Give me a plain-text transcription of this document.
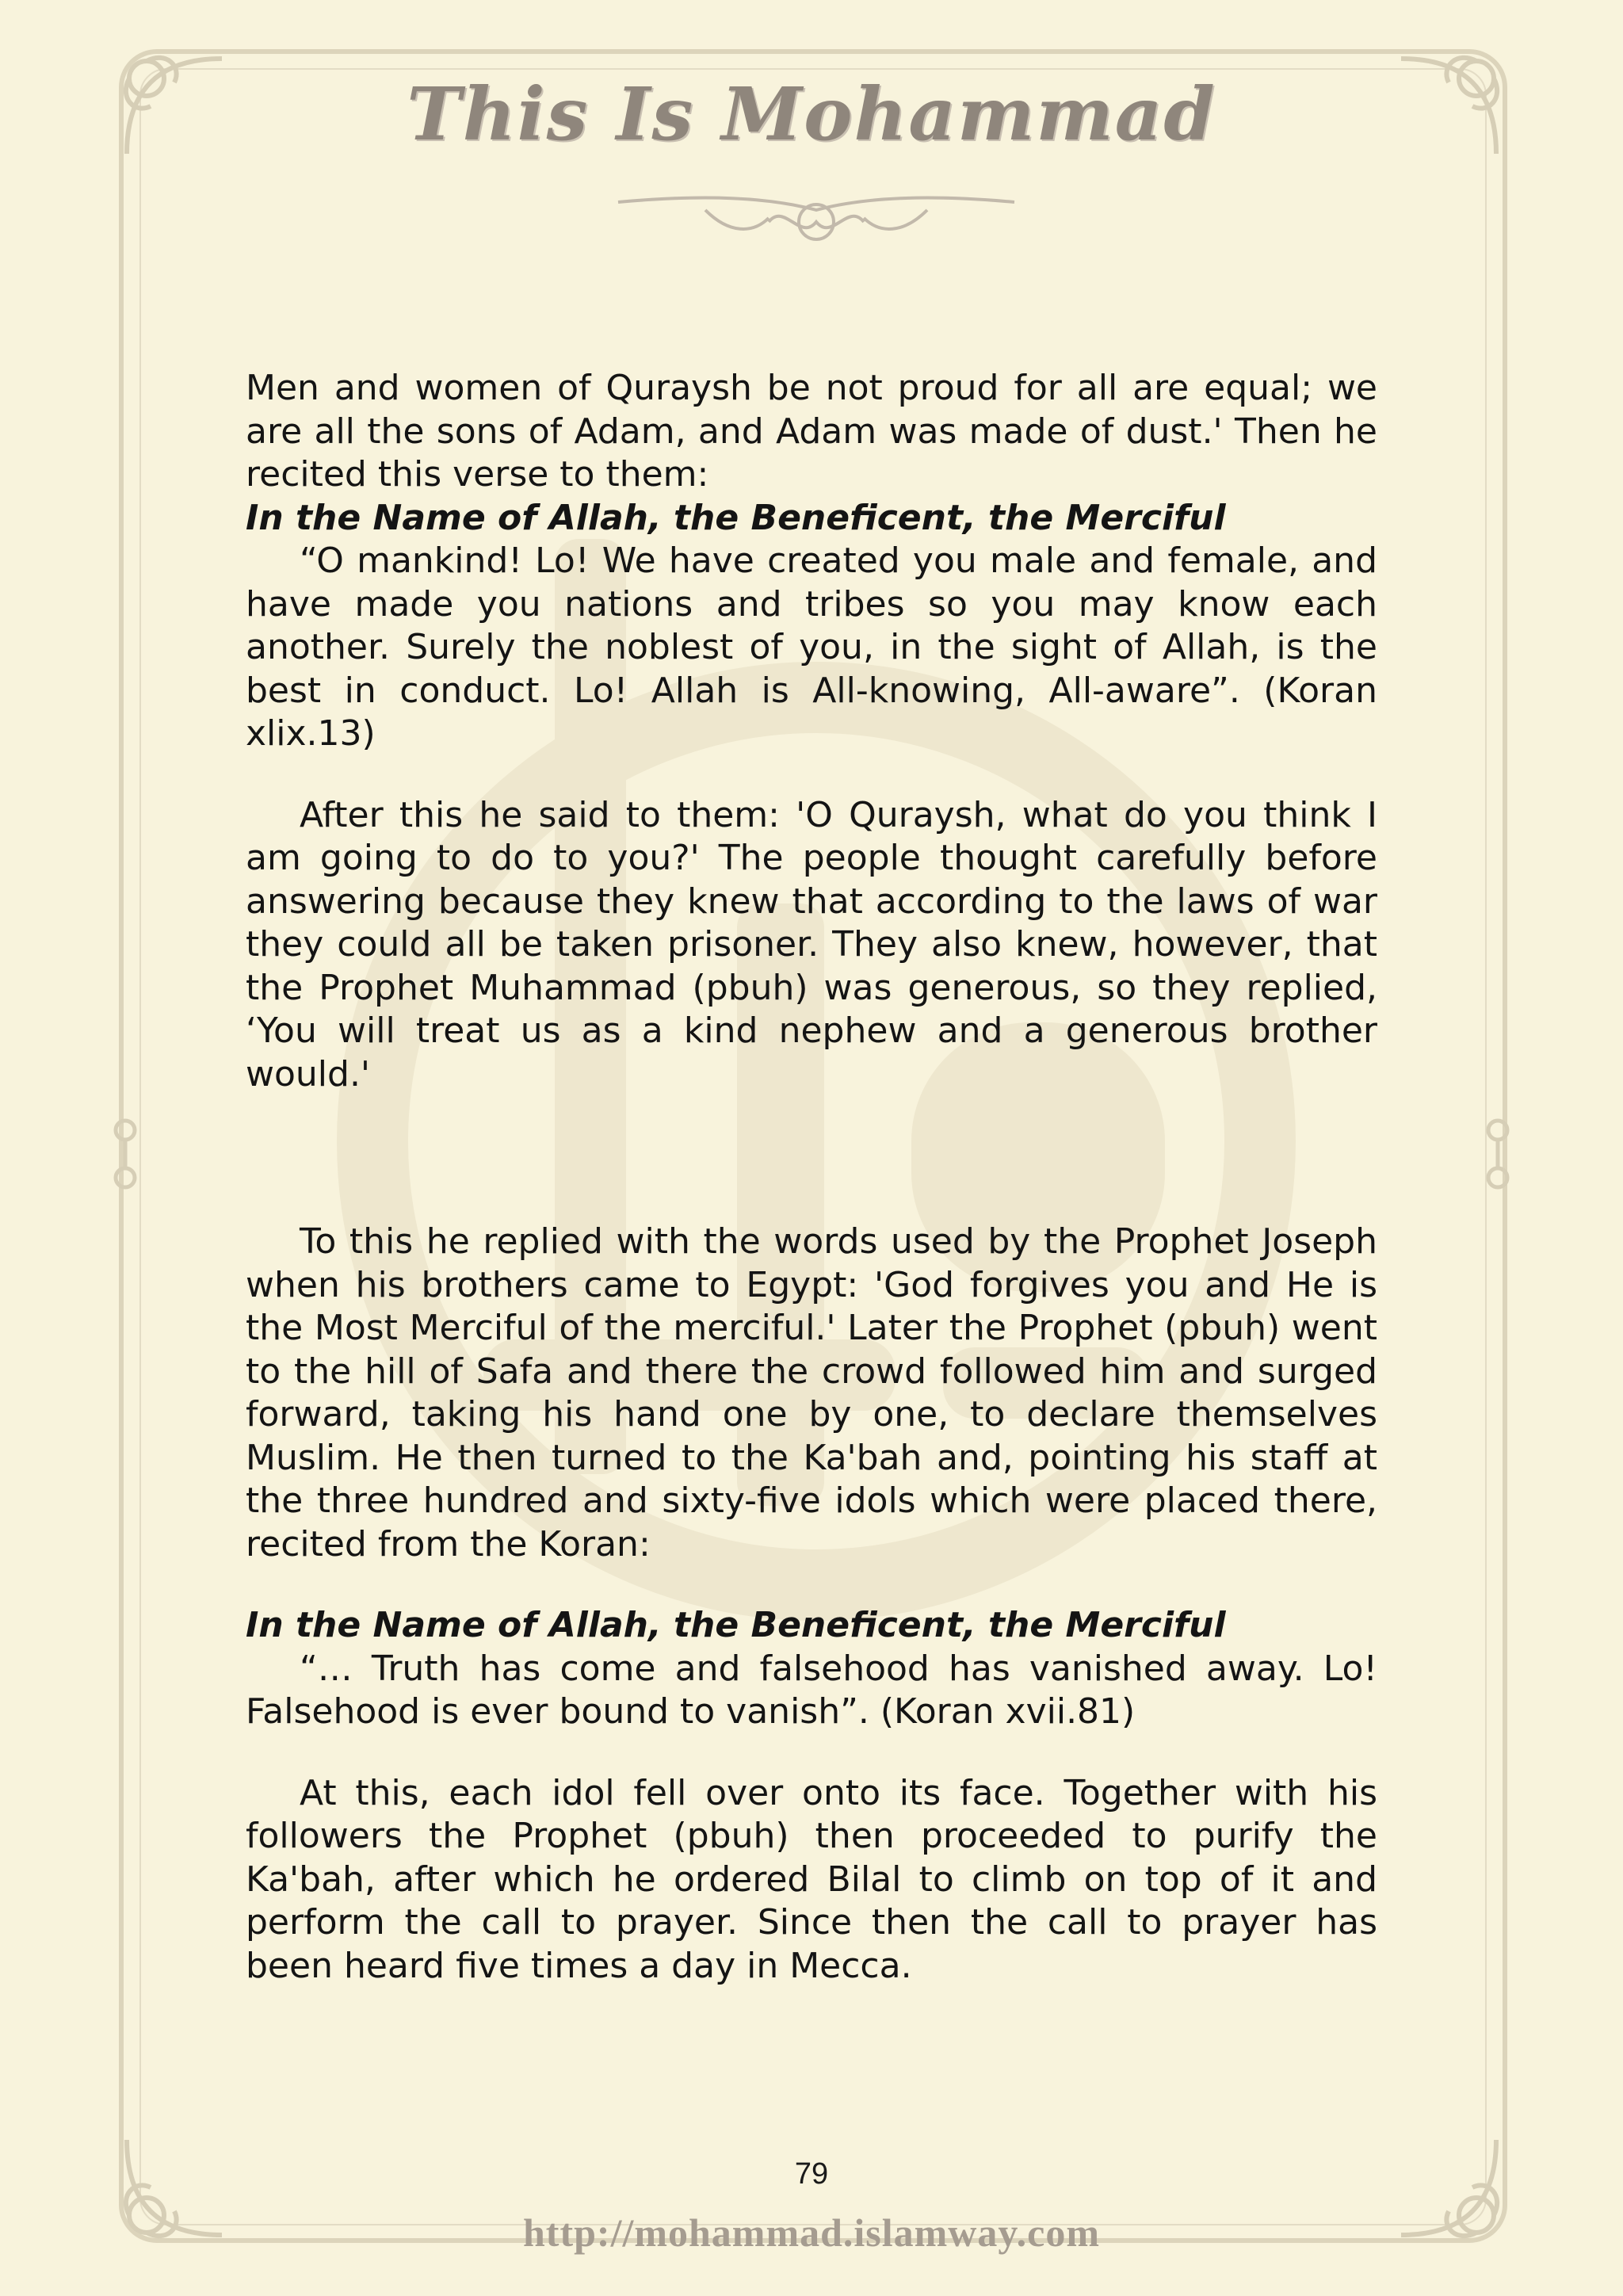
This Is Mohammad

Men and women of Quraysh be not proud for all are equal; we are all the sons of Adam, and Adam was made of dust.' Then he recited this verse to them:

In the Name of Allah, the Beneficent, the Merciful

“O mankind! Lo! We have created you male and female, and have made you nations and tribes so you may know each another. Surely the noblest of you, in the sight of Allah, is the best in conduct. Lo! Allah is All-knowing, All-aware”. (Koran xlix.13)

After this he said to them: 'O Quraysh, what do you think I am going to do to you?' The people thought carefully before answering because they knew that according to the laws of war they could all be taken prisoner. They also knew, however, that the Prophet Muhammad (pbuh) was generous, so they replied, ‘You will treat us as a kind nephew and a generous brother would.'

To this he replied with the words used by the Prophet Joseph when his brothers came to Egypt: 'God forgives you and He is the Most Merciful of the merciful.' Later the Prophet (pbuh) went to the hill of Safa and there the crowd followed him and surged forward, taking his hand one by one, to declare themselves Muslim. He then turned to the Ka'bah and, pointing his staff at the three hundred and sixty-five idols which were placed there, recited from the Koran:

In the Name of Allah, the Beneficent, the Merciful

“… Truth has come and falsehood has vanished away. Lo! Falsehood is ever bound to vanish”. (Koran xvii.81)

At this, each idol fell over onto its face. Together with his followers the Prophet (pbuh) then proceeded to purify the Ka'bah, after which he ordered Bilal to climb on top of it and perform the call to prayer. Since then the call to prayer has been heard five times a day in Mecca.

79
http://mohammad.islamway.com
